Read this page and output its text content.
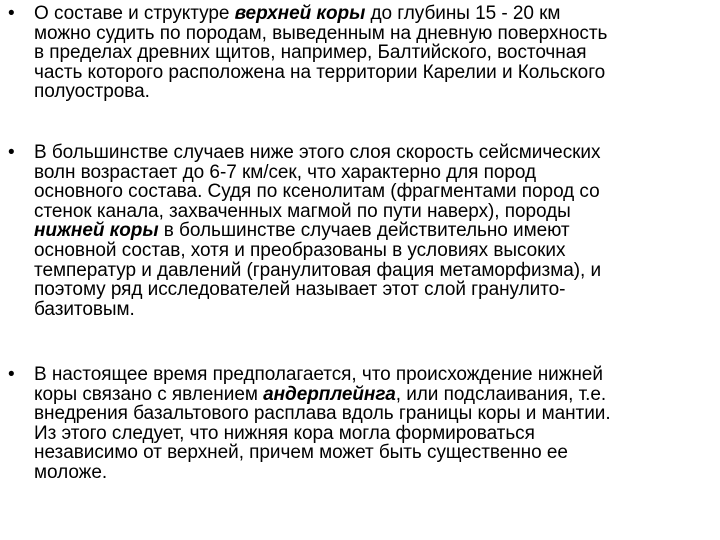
• О составе и структуре верхней коры до глубины 15 - 20 км
можно судить по породам, выведенным на дневную поверхность
в пределах древних щитов, например, Балтийского, восточная
часть которого расположена на территории Карелии и Кольского
полуострова.

• В большинстве случаев ниже этого слоя скорость сейсмических
волн возрастает до 6-7 км/сек, что характерно для пород
основного состава. Судя по ксенолитам (фрагментами пород со
стенок канала, захваченных магмой по пути наверх), породы
нижней коры в большинстве случаев действительно имеют
основной состав, хотя и преобразованы в условиях высоких
температур и давлений (гранулитовая фация метаморфизма), и
поэтому ряд исследователей называет этот слой гранулито-
базитовым.

• В настоящее время предполагается, что происхождение нижней
коры связано с явлением андерплейнга, или подслаивания, т.е.
внедрения базальтового расплава вдоль границы коры и мантии.
Из этого следует, что нижняя кора могла формироваться
независимо от верхней, причем может быть существенно ее
моложе.
